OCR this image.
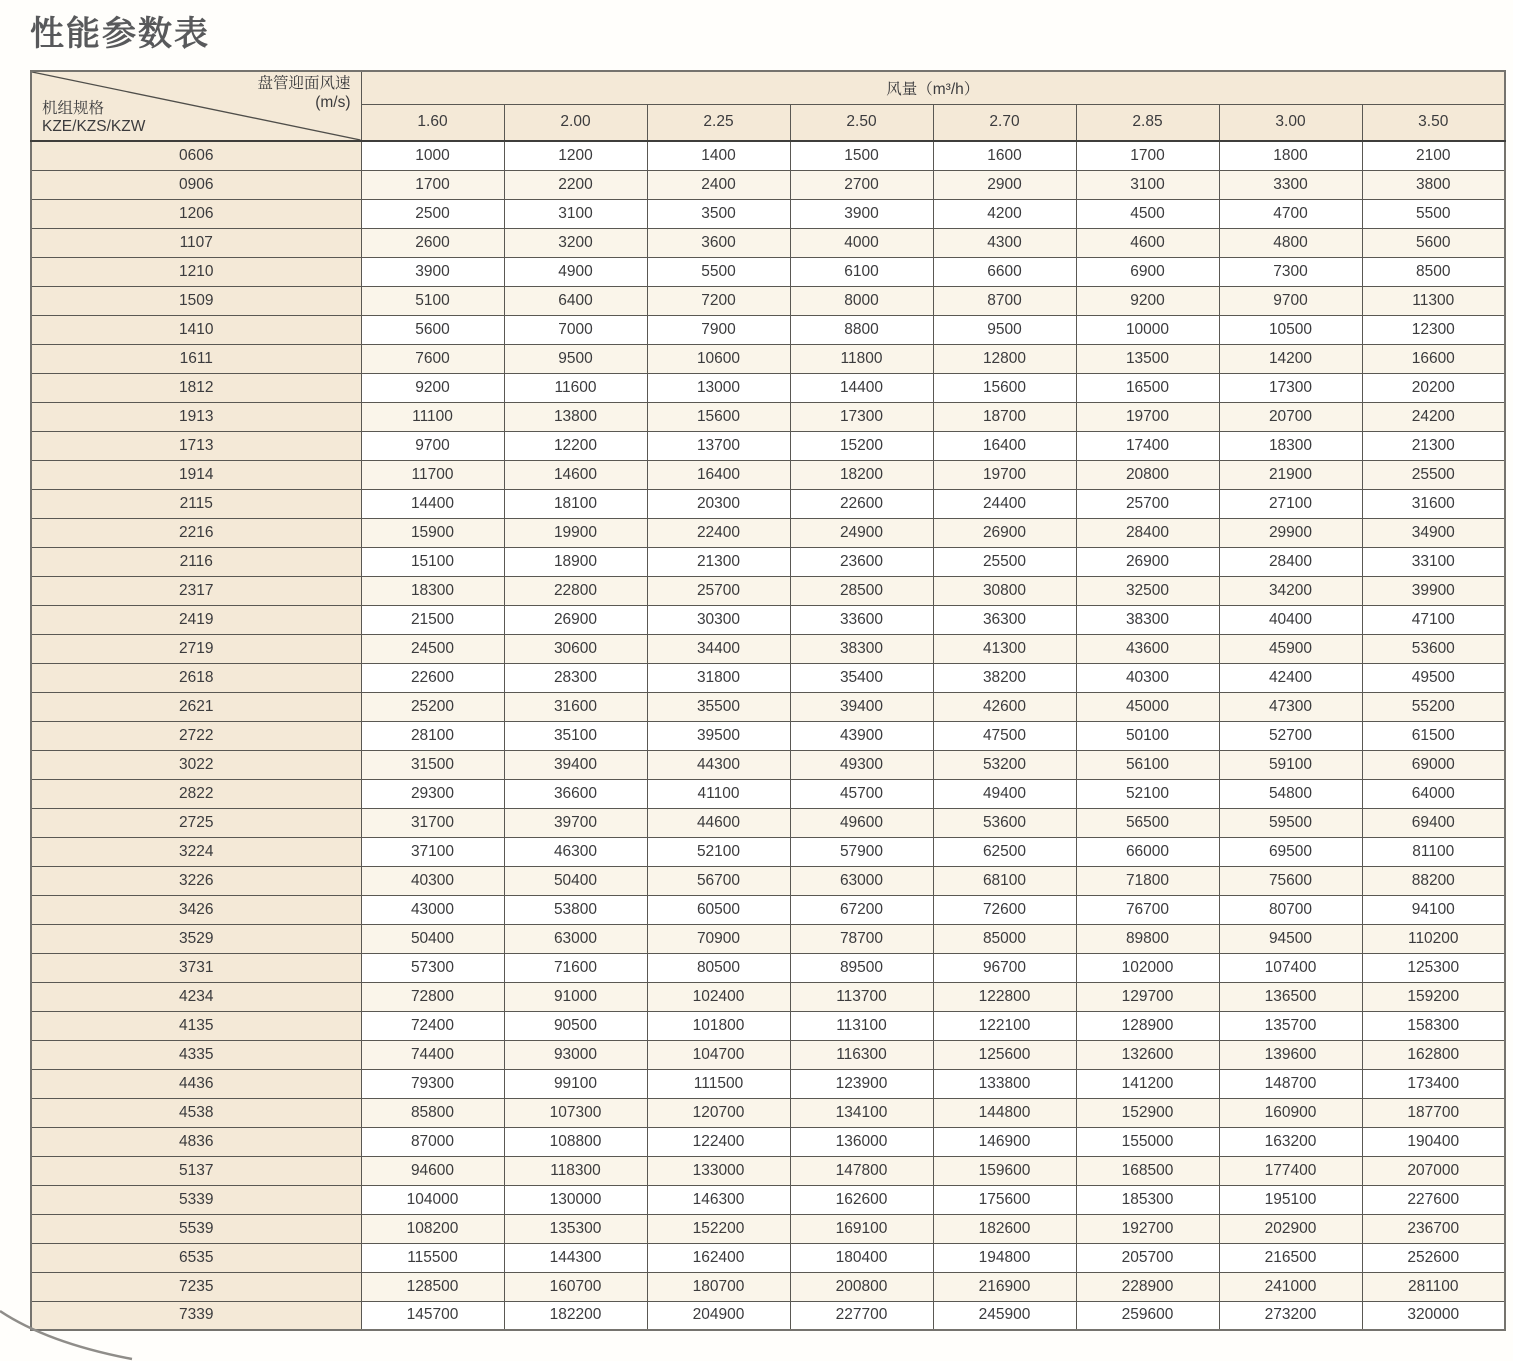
性能参数表
盘管迎面风速
(m/s)
机组规格
KZE/KZS/KZW	风量（m³/h）							
	1.60	2.00	2.25	2.50	2.70	2.85	3.00	3.50
0606	1000	1200	1400	1500	1600	1700	1800	2100
0906	1700	2200	2400	2700	2900	3100	3300	3800
1206	2500	3100	3500	3900	4200	4500	4700	5500
1107	2600	3200	3600	4000	4300	4600	4800	5600
1210	3900	4900	5500	6100	6600	6900	7300	8500
1509	5100	6400	7200	8000	8700	9200	9700	11300
1410	5600	7000	7900	8800	9500	10000	10500	12300
1611	7600	9500	10600	11800	12800	13500	14200	16600
1812	9200	11600	13000	14400	15600	16500	17300	20200
1913	11100	13800	15600	17300	18700	19700	20700	24200
1713	9700	12200	13700	15200	16400	17400	18300	21300
1914	11700	14600	16400	18200	19700	20800	21900	25500
2115	14400	18100	20300	22600	24400	25700	27100	31600
2216	15900	19900	22400	24900	26900	28400	29900	34900
2116	15100	18900	21300	23600	25500	26900	28400	33100
2317	18300	22800	25700	28500	30800	32500	34200	39900
2419	21500	26900	30300	33600	36300	38300	40400	47100
2719	24500	30600	34400	38300	41300	43600	45900	53600
2618	22600	28300	31800	35400	38200	40300	42400	49500
2621	25200	31600	35500	39400	42600	45000	47300	55200
2722	28100	35100	39500	43900	47500	50100	52700	61500
3022	31500	39400	44300	49300	53200	56100	59100	69000
2822	29300	36600	41100	45700	49400	52100	54800	64000
2725	31700	39700	44600	49600	53600	56500	59500	69400
3224	37100	46300	52100	57900	62500	66000	69500	81100
3226	40300	50400	56700	63000	68100	71800	75600	88200
3426	43000	53800	60500	67200	72600	76700	80700	94100
3529	50400	63000	70900	78700	85000	89800	94500	110200
3731	57300	71600	80500	89500	96700	102000	107400	125300
4234	72800	91000	102400	113700	122800	129700	136500	159200
4135	72400	90500	101800	113100	122100	128900	135700	158300
4335	74400	93000	104700	116300	125600	132600	139600	162800
4436	79300	99100	111500	123900	133800	141200	148700	173400
4538	85800	107300	120700	134100	144800	152900	160900	187700
4836	87000	108800	122400	136000	146900	155000	163200	190400
5137	94600	118300	133000	147800	159600	168500	177400	207000
5339	104000	130000	146300	162600	175600	185300	195100	227600
5539	108200	135300	152200	169100	182600	192700	202900	236700
6535	115500	144300	162400	180400	194800	205700	216500	252600
7235	128500	160700	180700	200800	216900	228900	241000	281100
7339	145700	182200	204900	227700	245900	259600	273200	320000
